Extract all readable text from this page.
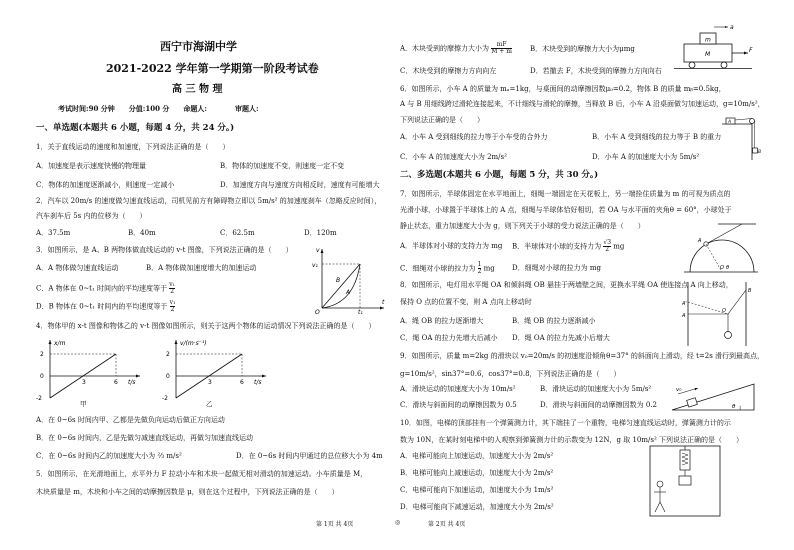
西宁市海湖中学
2021-2022 学年第一学期第一阶段考试卷
高 三 物 理
考试时间:90 分钟　　分值:100 分　　命题人:　　　　审题人:
一、单选题(本题共 6 小题，每题 4 分，共 24 分。)
1．关于直线运动的速度和加速度，下列说法正确的是（　　）
A．加速度是表示速度快慢的物理量	B．物体的加速度不变，则速度一定不变
C．物体的加速度逐渐减小，则速度一定减小	D．加速度方向与速度方向相反时，速度有可能增大
2．汽车以 20m/s 的速度做匀速直线运动，司机见前方有障碍物立即以 5m/s² 的加速度刹车（忽略反应时间），
汽车刹车后 5s 内的位移为（　　）
A．37.5m	B．40m	C．62.5m	D．120m
3．如图所示，是 A、B 两物体做直线运动的 v-t 图像，下列说法正确的是（　　）
A．A 物体做匀速直线运动	B．A 物体做加速度增大的加速运动
C．A 物体在 0~t₁ 时间内的平均速度等于 v₁
2
D．B 物体在 0~t₁ 时间内的平均速度等于 v₁
2
4．物体甲的 x-t 图像和物体乙的 v-t 图像如图所示，则关于这两个物体的运动情况下列说法正确的是（　　）
v
v₁
O	t₁
t
B
A
x/m
2
0
-2
3	6 t/s
甲
v/(m·s⁻¹)
2
0
-2
3	6 t/s
乙
A．在 0~6s 时间内甲、乙都是先做负向运动后做正方向运动
B．在 0~6s 时间内，乙是先做匀减速直线运动，再做匀加速直线运动
C．在 0~6s 时间内乙的加速度大小为 ⅔ m/s²	D．在 0~6s 时间内甲通过的总位移大小为 4m
5．如图所示，在光滑地面上，水平外力 F 拉动小车和木块一起做无相对滑动的加速运动。小车质量是 M，
木块质量是 m，木块和小车之间的动摩擦因数是 μ，则在这个过程中，下列说法正确的是（　　）
A．木块受到的摩擦力大小为 $\frac{mF}{M + m}$	B．木块受到的摩擦力大小为μmg
C．木块受到的摩擦力方向向左	D．若撤去 F，木块受到的摩擦力方向向右
m
M
F
a
6．如图所示，小车 A 的质量为 mₐ=1kg，与桌面间的动摩擦因数μ₀=0.2，物体 B 的质量 mᵦ=0.5kg，
A 与 B 用细线跨过滑轮连接起来，不计细线与滑轮的摩擦，当释放 B 后，小车 A 沿桌面做匀加速运动，g=10m/s²，
下列说法正确的是（　　）
A．小车 A 受到细线的拉力等于小车受的合外力	B．小车 A 受到细线的拉力等于 B 的重力
C．小车 A 的加速度大小为 2m/s²	D．小车 A 的加速度大小为 5m/s²
A
B
二、多选题(本题共 6 小题，每题 5 分，共 30 分。)
7．如图所示，半球体固定在水平地面上，细绳一端固定在天花板上，另一端拴住质量为 m 的可视为质点的
光滑小球，小球置于半球体上的 A 点，细绳与半球体恰好相切，若 OA 与水平面的夹角θ = 60°，小球处于
静止状态，重力加速度大小为 g，则下列关于小球的受力说法正确的是（　　）
A．半球体对小球的支持力为 mg B．半球体对小球的支持力为 $\frac{√3}{2}$ mg
C．细绳对小球的拉力为 $\frac{1}{2}$ mg D．细绳对小球的拉力为 mg
A
O θ
8．如图所示，电灯用水平绳 OA 和倾斜绳 OB 悬挂于两墙壁之间，更换水平绳 OA 使连接点 A 向上移动，
保持 O 点的位置不变，则 A 点向上移动时
A．绳 OB 的拉力逐渐增大	B．绳 OB 的拉力逐渐减小
C．绳 OA 的拉力先增大后减小 D．绳 OA 的拉力先减小后增大
A
A'
O
B
9．如图所示，质量 m=2kg 的滑块以 v₀=20m/s 的初速度沿倾角θ=37° 的斜面向上滑动，经 t=2s 滑行到最高点，
g=10m/s²，sin37°=0.6，cos37°=0.8，下列说法正确的是（　　）
A．滑块运动的加速度大小为 10m/s²	B．滑块运动的加速度大小为 5m/s²
C．滑块与斜面间的动摩擦因数为 0.5	D．滑块与斜面间的动摩擦因数为 0.2
v₀
θ
10．如图，电梯的顶部挂有一个弹簧测力计，其下端挂了一个重物，电梯匀速直线运动时，弹簧测力计的示
数为 10N，在某时刻电梯中的人观察到弹簧测力计的示数变为 12N，g 取 10m/s² 下列说法正确的是（　　）
A．电梯可能向上加速运动，加速度大小为 2m/s²
B．电梯可能向上减速运动，加速度大小为 2m/s²
C．电梯可能向下加速运动，加速度大小为 1m/s²
D．电梯可能向下减速运动，加速度大小为 2m/s²
第 1页 共 4页	◎	第 2页 共 4页
